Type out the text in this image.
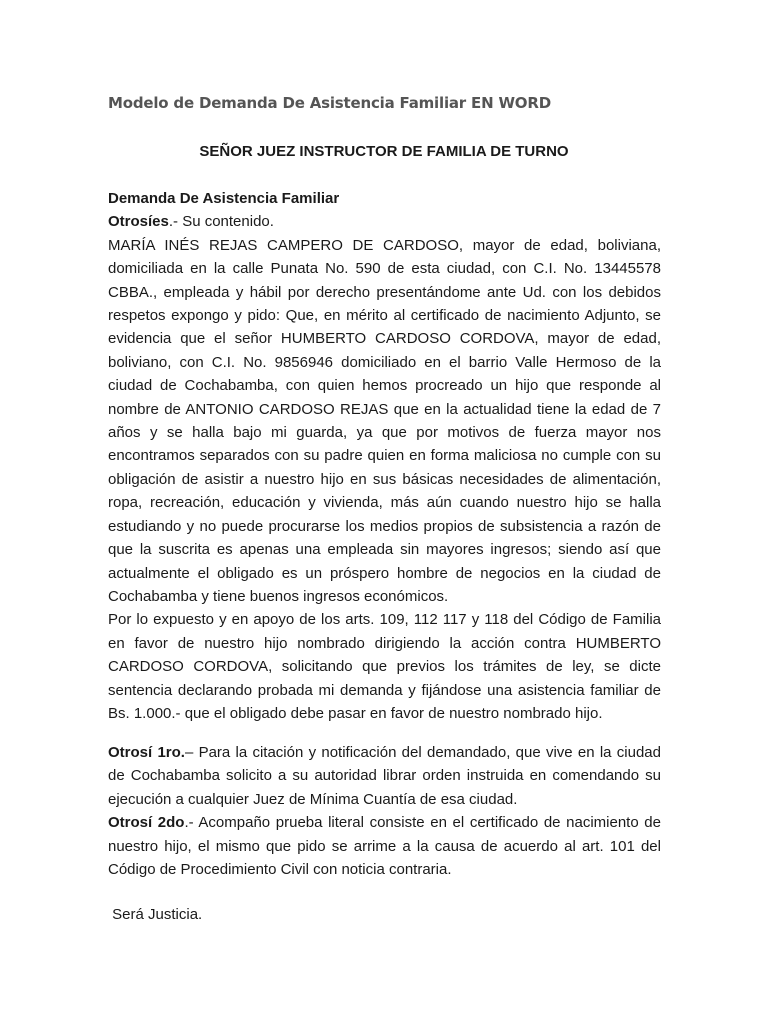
Modelo de Demanda De Asistencia Familiar EN WORD
SEÑOR JUEZ INSTRUCTOR DE FAMILIA DE TURNO

Demanda De Asistencia Familiar

Otrosíes.- Su contenido.

MARÍA INÉS REJAS CAMPERO DE CARDOSO, mayor de edad, boliviana, domiciliada en la calle Punata No. 590 de esta ciudad, con C.I. No. 13445578 CBBA., empleada y hábil por derecho presentándome ante Ud. con los debidos respetos expongo y pido: Que, en mérito al certificado de nacimiento Adjunto, se evidencia que el señor HUMBERTO CARDOSO CORDOVA, mayor de edad, boliviano, con C.I. No. 9856946 domiciliado en el barrio Valle Hermoso de la ciudad de Cochabamba, con quien hemos procreado un hijo que responde al nombre de ANTONIO CARDOSO REJAS que en la actualidad tiene la edad de 7 años y se halla bajo mi guarda, ya que por motivos de fuerza mayor nos encontramos separados con su padre quien en forma maliciosa no cumple con su obligación de asistir a nuestro hijo en sus básicas necesidades de alimentación, ropa, recreación, educación y vivienda, más aún cuando nuestro hijo se halla estudiando y no puede procurarse los medios propios de subsistencia a razón de que la suscrita es apenas una empleada sin mayores ingresos; siendo así que actualmente el obligado es un próspero hombre de negocios en la ciudad de Cochabamba y tiene buenos ingresos económicos.

Por lo expuesto y en apoyo de los arts. 109, 112 117 y 118 del Código de Familia en favor de nuestro hijo nombrado dirigiendo la acción contra HUMBERTO CARDOSO CORDOVA, solicitando que previos los trámites de ley, se dicte sentencia declarando probada mi demanda y fijándose una asistencia familiar de Bs. 1.000.- que el obligado debe pasar en favor de nuestro nombrado hijo.

Otrosí 1ro.– Para la citación y notificación del demandado, que vive en la ciudad de Cochabamba solicito a su autoridad librar orden instruida en comendando su ejecución a cualquier Juez de Mínima Cuantía de esa ciudad.

Otrosí 2do.- Acompaño prueba literal consiste en el certificado de nacimiento de nuestro hijo, el mismo que pido se arrime a la causa de acuerdo al art. 101 del Código de Procedimiento Civil con noticia contraria.

Será Justicia.
